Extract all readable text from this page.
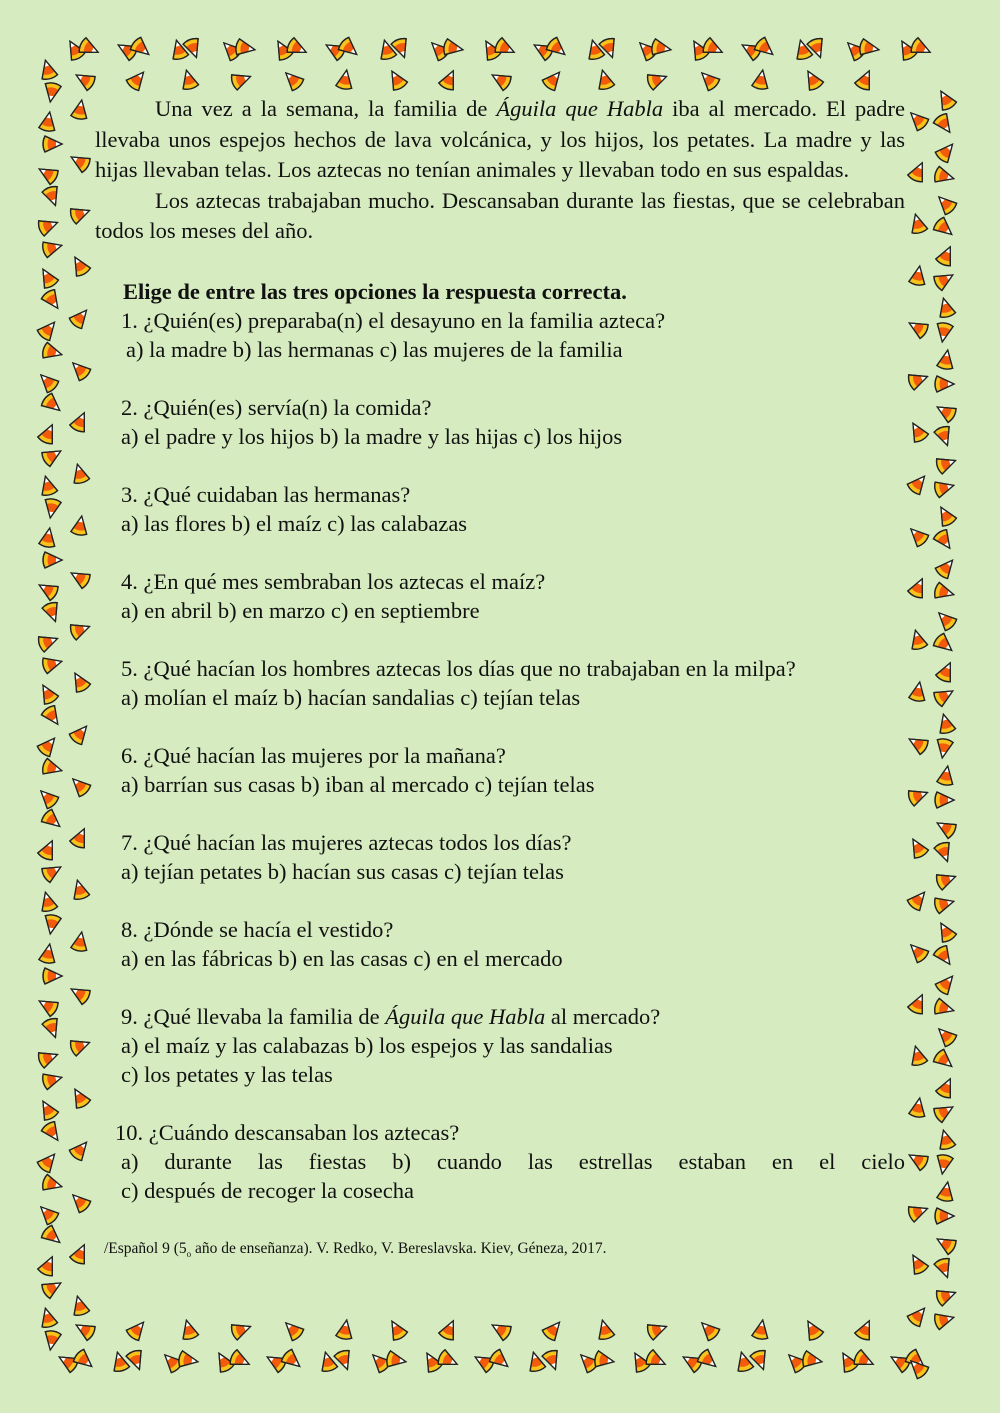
Una vez a la semana, la familia de Águila que Habla iba al mercado. El padre llevaba unos espejos hechos de lava volcánica, y los hijos, los petates. La madre y las hijas llevaban telas. Los aztecas no tenían animales y llevaban todo en sus espaldas.

Los aztecas trabajaban mucho. Descansaban durante las fiestas, que se celebraban todos los meses del año.

Elige de entre las tres opciones la respuesta correcta.
1. ¿Quién(es) preparaba(n) el desayuno en la familia azteca?
a) la madre b) las hermanas c) las mujeres de la familia
2. ¿Quién(es) servía(n) la comida?
a) el padre y los hijos b) la madre y las hijas c) los hijos
3. ¿Qué cuidaban las hermanas?
a) las flores b) el maíz c) las calabazas
4. ¿En qué mes sembraban los aztecas el maíz?
a) en abril b) en marzo c) en septiembre
5. ¿Qué hacían los hombres aztecas los días que no trabajaban en la milpa?
a) molían el maíz b) hacían sandalias c) tejían telas
6. ¿Qué hacían las mujeres por la mañana?
a) barrían sus casas b) iban al mercado c) tejían telas
7. ¿Qué hacían las mujeres aztecas todos los días?
a) tejían petates b) hacían sus casas c) tejían telas
8. ¿Dónde se hacía el vestido?
a) en las fábricas b) en las casas c) en el mercado
9. ¿Qué llevaba la familia de Águila que Habla al mercado?
a) el maíz y las calabazas b) los espejos y las sandalias
c) los petates y las telas
10. ¿Cuándo descansaban los aztecas?
a) durante las fiestas b) cuando las estrellas estaban en el cielo
c) después de recoger la cosecha
/Español 9 ($5_o$ año de enseñanza). V. Redko, V. Bereslavska. Kiev, Géneza, 2017.
